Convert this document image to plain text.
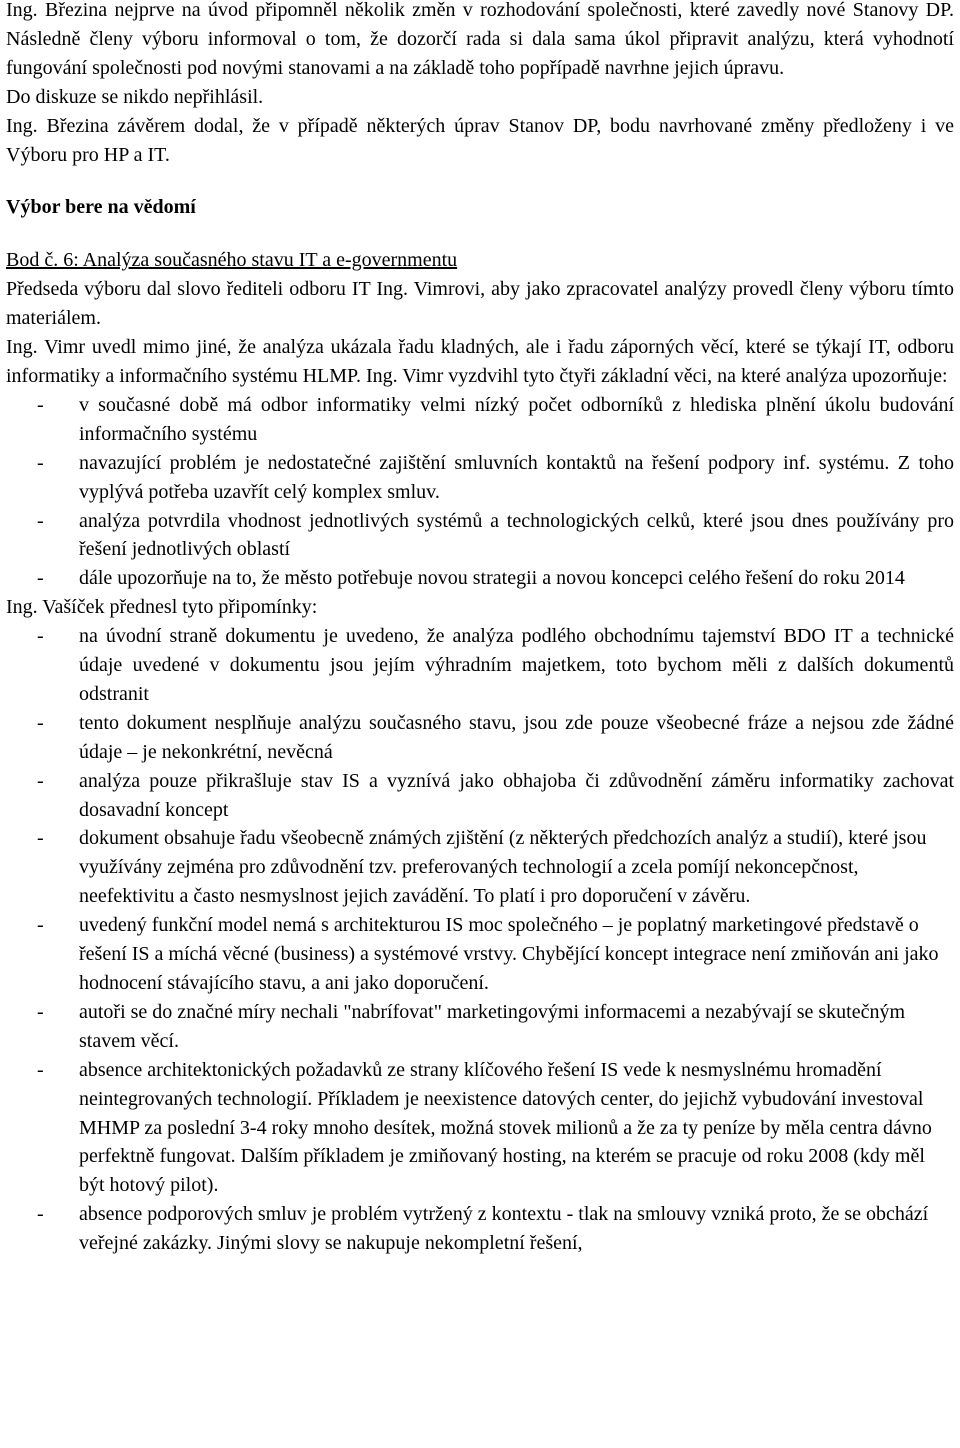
Ing. Březina nejprve na úvod připomněl několik změn v rozhodování společnosti, které zavedly nové Stanovy DP. Následně členy výboru informoval o tom, že dozorčí rada si dala sama úkol připravit analýzu, která vyhodnotí fungování společnosti pod novými stanovami a na základě toho popřípadě navrhne jejich úpravu.

Do diskuze se nikdo nepřihlásil.

Ing. Březina závěrem dodal, že v případě některých úprav Stanov DP, bodu navrhované změny předloženy i ve Výboru pro HP a IT.

Výbor bere na vědomí

Bod č. 6: Analýza současného stavu IT a e-governmentu

Předseda výboru dal slovo řediteli odboru IT Ing. Vimrovi, aby jako zpracovatel analýzy provedl členy výboru tímto materiálem.

Ing. Vimr uvedl mimo jiné, že analýza ukázala řadu kladných, ale i řadu záporných věcí, které se týkají IT, odboru informatiky a informačního systému HLMP. Ing. Vimr vyzdvihl tyto čtyři základní věci, na které analýza upozorňuje:

- v současné době má odbor informatiky velmi nízký počet odborníků z hlediska plnění úkolu budování informačního systému
- navazující problém je nedostatečné zajištění smluvních kontaktů na řešení podpory inf. systému. Z toho vyplývá potřeba uzavřít celý komplex smluv.
- analýza potvrdila vhodnost jednotlivých systémů a technologických celků, které jsou dnes používány pro řešení jednotlivých oblastí
- dále upozorňuje na to, že město potřebuje novou strategii a novou koncepci celého řešení do roku 2014

Ing. Vašíček přednesl tyto připomínky:

- na úvodní straně dokumentu je uvedeno, že analýza podlého obchodnímu tajemství BDO IT a technické údaje uvedené v dokumentu jsou jejím výhradním majetkem, toto bychom měli z dalších dokumentů odstranit
- tento dokument nesplňuje analýzu současného stavu, jsou zde pouze všeobecné fráze a nejsou zde žádné údaje – je nekonkrétní, nevěcná
- analýza pouze přikrašluje stav IS a vyznívá jako obhajoba či zdůvodnění záměru informatiky zachovat dosavadní koncept
- dokument obsahuje řadu všeobecně známých zjištění (z některých předchozích analýz a studií), které jsou využívány zejména pro zdůvodnění tzv. preferovaných technologií a zcela pomíjí nekoncepčnost, neefektivitu a často nesmyslnost jejich zavádění. To platí i pro doporučení v závěru.
- uvedený funkční model nemá s architekturou IS moc společného – je poplatný marketingové představě o řešení IS a míchá věcné (business) a systémové vrstvy. Chybějící koncept integrace není zmiňován ani jako hodnocení stávajícího stavu, a ani jako doporučení.
- autoři se do značné míry nechali "nabrífovat" marketingovými informacemi a nezabývají se skutečným stavem věcí.
- absence architektonických požadavků ze strany klíčového řešení IS vede k nesmyslnému hromadění neintegrovaných technologií. Příkladem je neexistence datových center, do jejichž vybudování investoval MHMP za poslední 3-4 roky mnoho desítek, možná stovek milionů a že za ty peníze by měla centra dávno perfektně fungovat. Dalším příkladem je zmiňovaný hosting, na kterém se pracuje od roku 2008 (kdy měl být hotový pilot).
- absence podporových smluv je problém vytržený z kontextu - tlak na smlouvy vzniká proto, že se obchází veřejné zakázky. Jinými slovy se nakupuje nekompletní řešení,
